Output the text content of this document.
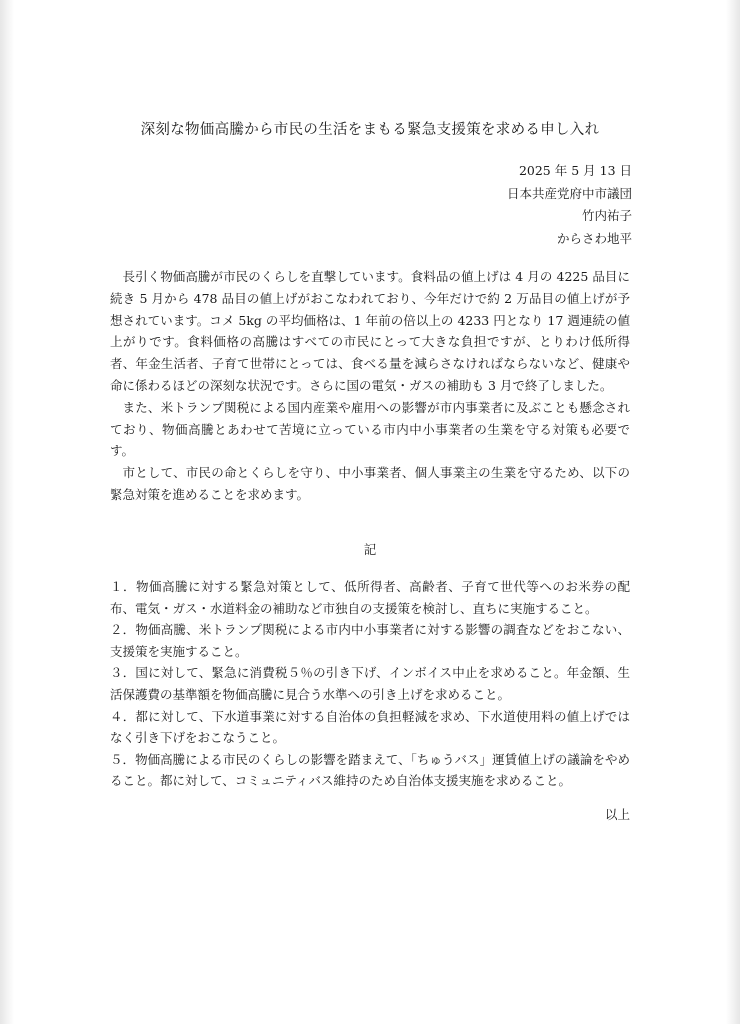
深刻な物価高騰から市民の生活をまもる緊急支援策を求める申し入れ
2025 年 5 月 13 日
日本共産党府中市議団
竹内祐子
からさわ地平

長引く物価高騰が市民のくらしを直撃しています。食料品の値上げは 4 月の 4225 品目に続き 5 月から 478 品目の値上げがおこなわれており、今年だけで約 2 万品目の値上げが予想されています。コメ 5kg の平均価格は、1 年前の倍以上の 4233 円となり 17 週連続の値上がりです。食料価格の高騰はすべての市民にとって大きな負担ですが、とりわけ低所得者、年金生活者、子育て世帯にとっては、食べる量を減らさなければならないなど、健康や命に係わるほどの深刻な状況です。さらに国の電気・ガスの補助も 3 月で終了しました。

また、米トランプ関税による国内産業や雇用への影響が市内事業者に及ぶことも懸念されており、物価高騰とあわせて苦境に立っている市内中小事業者の生業を守る対策も必要です。

市として、市民の命とくらしを守り、中小事業者、個人事業主の生業を守るため、以下の緊急対策を進めることを求めます。

記

１．物価高騰に対する緊急対策として、低所得者、高齢者、子育て世代等へのお米券の配布、電気・ガス・水道料金の補助など市独自の支援策を検討し、直ちに実施すること。

２．物価高騰、米トランプ関税による市内中小事業者に対する影響の調査などをおこない、支援策を実施すること。

３．国に対して、緊急に消費税５％の引き下げ、インボイス中止を求めること。年金額、生活保護費の基準額を物価高騰に見合う水準への引き上げを求めること。

４．都に対して、下水道事業に対する自治体の負担軽減を求め、下水道使用料の値上げではなく引き下げをおこなうこと。

５．物価高騰による市民のくらしの影響を踏まえて、「ちゅうバス」運賃値上げの議論をやめること。都に対して、コミュニティバス維持のため自治体支援実施を求めること。

以上
